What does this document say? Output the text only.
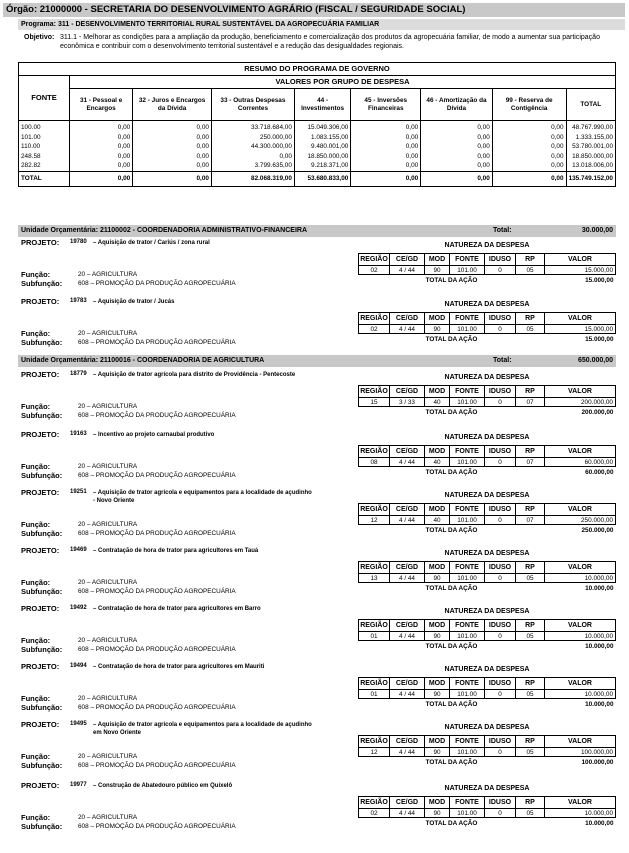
Órgão: 21000000 - SECRETARIA DO DESENVOLVIMENTO AGRÁRIO (FISCAL / SEGURIDADE SOCIAL)
Programa: 311 - DESENVOLVIMENTO TERRITORIAL RURAL SUSTENTÁVEL DA AGROPECUÁRIA FAMILIAR
Objetivo: 311.1 - Melhorar as condições para a ampliação da produção, beneficiamento e comercialização dos produtos da agropecuária familiar, de modo a aumentar sua participação econômica e contribuir com o desenvolvimento territorial sustentável e a redução das desigualdades regionais.
RESUMO DO PROGRAMA DE GOVERNO								
FONTE	VALORES POR GRUPO DE DESPESA							
	31 - Pessoal e Encargos	32 - Juros e Encargos da Dívida	33 - Outras Despesas Correntes	44 - Investimentos	45 - Inversões Financeiras	46 - Amortização da Dívida	99 - Reserva de Contigência	TOTAL
100.00	0,00	0,00	33.718.684,00	15.049.306,00	0,00	0,00	0,00	48.767.990,00
101.00	0,00	0,00	250.000,00	1.083.155,00	0,00	0,00	0,00	1.333.155,00
110.00	0,00	0,00	44.300.000,00	9.480.001,00	0,00	0,00	0,00	53.780.001,00
248.58	0,00	0,00	0,00	18.850.000,00	0,00	0,00	0,00	18.850.000,00
282.82	0,00	0,00	3.799.635,00	9.218.371,00	0,00	0,00	0,00	13.018.006,00
TOTAL	0,00	0,00	82.068.319,00	53.680.833,00	0,00	0,00	0,00	135.749.152,00
Unidade Orçamentária: 21100002 - COORDENADORIA ADMINISTRATIVO-FINANCEIRA	Total:	30.000,00
PROJETO: 19780 – Aquisição de trator / Cariús / zona rural	NATUREZA DA DESPESA
Função:	20 – AGRICULTURA
Subfunção: 608 – PROMOÇÃO DA PRODUÇÃO AGROPECUÁRIA
REGIÃO	CE/GD	MOD	FONTE	IDUSO	RP	VALOR
02	4 / 44	90	101.00	0	05	15.000,00
TOTAL DA AÇÃO						15.000,00
PROJETO: 19783 – Aquisição de trator / Jucás	NATUREZA DA DESPESA
Função:	20 – AGRICULTURA
Subfunção: 608 – PROMOÇÃO DA PRODUÇÃO AGROPECUÁRIA
REGIÃO	CE/GD	MOD	FONTE	IDUSO	RP	VALOR
02	4 / 44	90	101.00	0	05	15.000,00
TOTAL DA AÇÃO						15.000,00
Unidade Orçamentária: 21100016 - COORDENADORIA DE AGRICULTURA	Total:	650.000,00
PROJETO: 18779 – Aquisição de trator agrícola para distrito de Providência - Pentecoste	NATUREZA DA DESPESA
Função:	20 – AGRICULTURA
Subfunção: 608 – PROMOÇÃO DA PRODUÇÃO AGROPECUÁRIA
REGIÃO	CE/GD	MOD	FONTE	IDUSO	RP	VALOR
15	3 / 33	40	101.00	0	07	200.000,00
TOTAL DA AÇÃO						200.000,00
PROJETO: 19163 – Incentivo ao projeto carnaubal produtivo	NATUREZA DA DESPESA
Função:	20 – AGRICULTURA
Subfunção: 608 – PROMOÇÃO DA PRODUÇÃO AGROPECUÁRIA
REGIÃO	CE/GD	MOD	FONTE	IDUSO	RP	VALOR
08	4 / 44	40	101.00	0	07	60.000,00
TOTAL DA AÇÃO						60.000,00
PROJETO: 19251 – Aquisição de trator agrícola e equipamentos para a localidade de açudinho - Novo Oriente
NATUREZA DA DESPESA
Função:	20 – AGRICULTURA
Subfunção: 608 – PROMOÇÃO DA PRODUÇÃO AGROPECUÁRIA
REGIÃO	CE/GD	MOD	FONTE	IDUSO	RP	VALOR
12	4 / 44	40	101.00	0	07	250.000,00
TOTAL DA AÇÃO						250.000,00
PROJETO: 19469 – Contratação de hora de trator para agricultores em Tauá	NATUREZA DA DESPESA
Função:	20 – AGRICULTURA
Subfunção: 608 – PROMOÇÃO DA PRODUÇÃO AGROPECUÁRIA
REGIÃO	CE/GD	MOD	FONTE	IDUSO	RP	VALOR
13	4 / 44	90	101.00	0	05	10.000,00
TOTAL DA AÇÃO						10.000,00
PROJETO: 19492 – Contratação de hora de trator para agricultores em Barro	NATUREZA DA DESPESA
Função:	20 – AGRICULTURA
Subfunção: 608 – PROMOÇÃO DA PRODUÇÃO AGROPECUÁRIA
REGIÃO	CE/GD	MOD	FONTE	IDUSO	RP	VALOR
01	4 / 44	90	101.00	0	05	10.000,00
TOTAL DA AÇÃO						10.000,00
PROJETO: 19494 – Contratação de hora de trator para agricultores em Mauriti	NATUREZA DA DESPESA
Função:	20 – AGRICULTURA
Subfunção: 608 – PROMOÇÃO DA PRODUÇÃO AGROPECUÁRIA
REGIÃO	CE/GD	MOD	FONTE	IDUSO	RP	VALOR
01	4 / 44	90	101.00	0	05	10.000,00
TOTAL DA AÇÃO						10.000,00
PROJETO: 19495 – Aquisição de trator agrícola e equipamentos para a localidade de açudinho em Novo Oriente
NATUREZA DA DESPESA
Função:	20 – AGRICULTURA
Subfunção: 608 – PROMOÇÃO DA PRODUÇÃO AGROPECUÁRIA
REGIÃO	CE/GD	MOD	FONTE	IDUSO	RP	VALOR
12	4 / 44	90	101.00	0	05	100.000,00
TOTAL DA AÇÃO						100.000,00
PROJETO: 19977 – Construção de Abatedouro público em Quixelô	NATUREZA DA DESPESA
Função:	20 – AGRICULTURA
Subfunção: 608 – PROMOÇÃO DA PRODUÇÃO AGROPECUÁRIA
REGIÃO	CE/GD	MOD	FONTE	IDUSO	RP	VALOR
02	4 / 44	90	101.00	0	05	10.000,00
TOTAL DA AÇÃO						10.000,00
